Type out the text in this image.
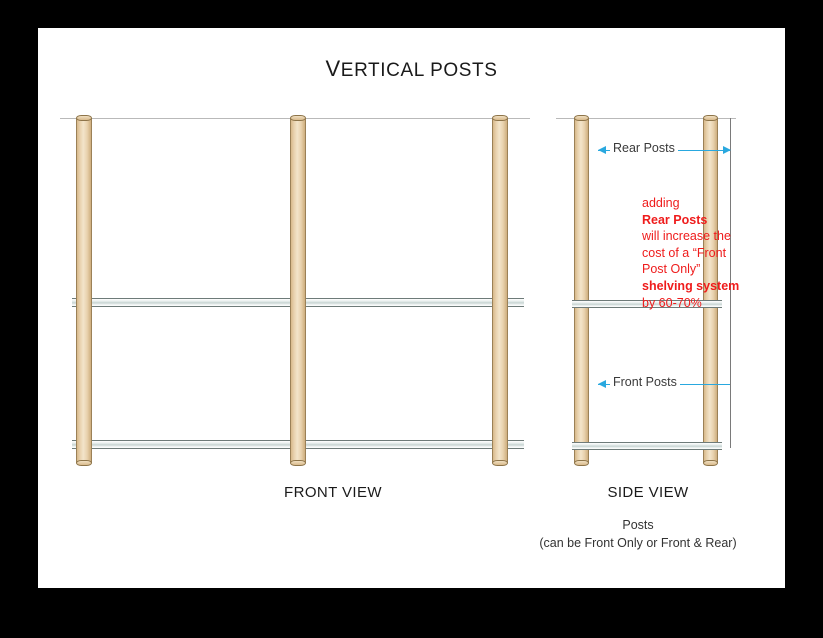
VERTICAL POSTS
FRONT VIEW	SIDE VIEW
Rear Posts
Front Posts
adding
Rear Posts
will increase the
cost of a “Front
Post Only”
shelving system
by 60-70%
Posts
(can be Front Only or Front & Rear)
